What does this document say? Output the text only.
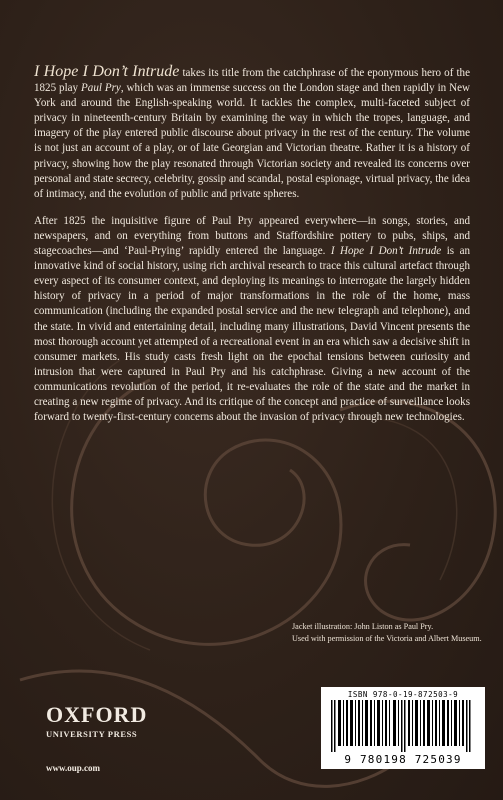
I Hope I Don’t Intrude takes its title from the catchphrase of the eponymous hero of the 1825 play Paul Pry, which was an immense success on the London stage and then rapidly in New York and around the English-speaking world. It tackles the complex, multi-faceted subject of privacy in nineteenth-century Britain by examining the way in which the tropes, language, and imagery of the play entered public discourse about privacy in the rest of the century. The volume is not just an account of a play, or of late Georgian and Victorian theatre. Rather it is a history of privacy, showing how the play resonated through Victorian society and revealed its concerns over personal and state secrecy, celebrity, gossip and scandal, postal espionage, virtual privacy, the idea of intimacy, and the evolution of public and private spheres.

After 1825 the inquisitive figure of Paul Pry appeared everywhere—in songs, stories, and newspapers, and on everything from buttons and Staffordshire pottery to pubs, ships, and stagecoaches—and ‘Paul-Prying’ rapidly entered the language. I Hope I Don’t Intrude is an innovative kind of social history, using rich archival research to trace this cultural artefact through every aspect of its consumer context, and deploying its meanings to interrogate the largely hidden history of privacy in a period of major transformations in the role of the home, mass communication (including the expanded postal service and the new telegraph and telephone), and the state. In vivid and entertaining detail, including many illustrations, David Vincent presents the most thorough account yet attempted of a recreational event in an era which saw a decisive shift in consumer markets. His study casts fresh light on the epochal tensions between curiosity and intrusion that were captured in Paul Pry and his catchphrase. Giving a new account of the communications revolution of the period, it re-evaluates the role of the state and the market in creating a new regime of privacy. And its critique of the concept and practice of surveillance looks forward to twenty-first-century concerns about the invasion of privacy through new technologies.

Jacket illustration: John Liston as Paul Pry.
Used with permission of the Victoria and Albert Museum.
ISBN 978-0-19-872503-9
9 780198 725039
OXFORD
UNIVERSITY PRESS
www.oup.com
